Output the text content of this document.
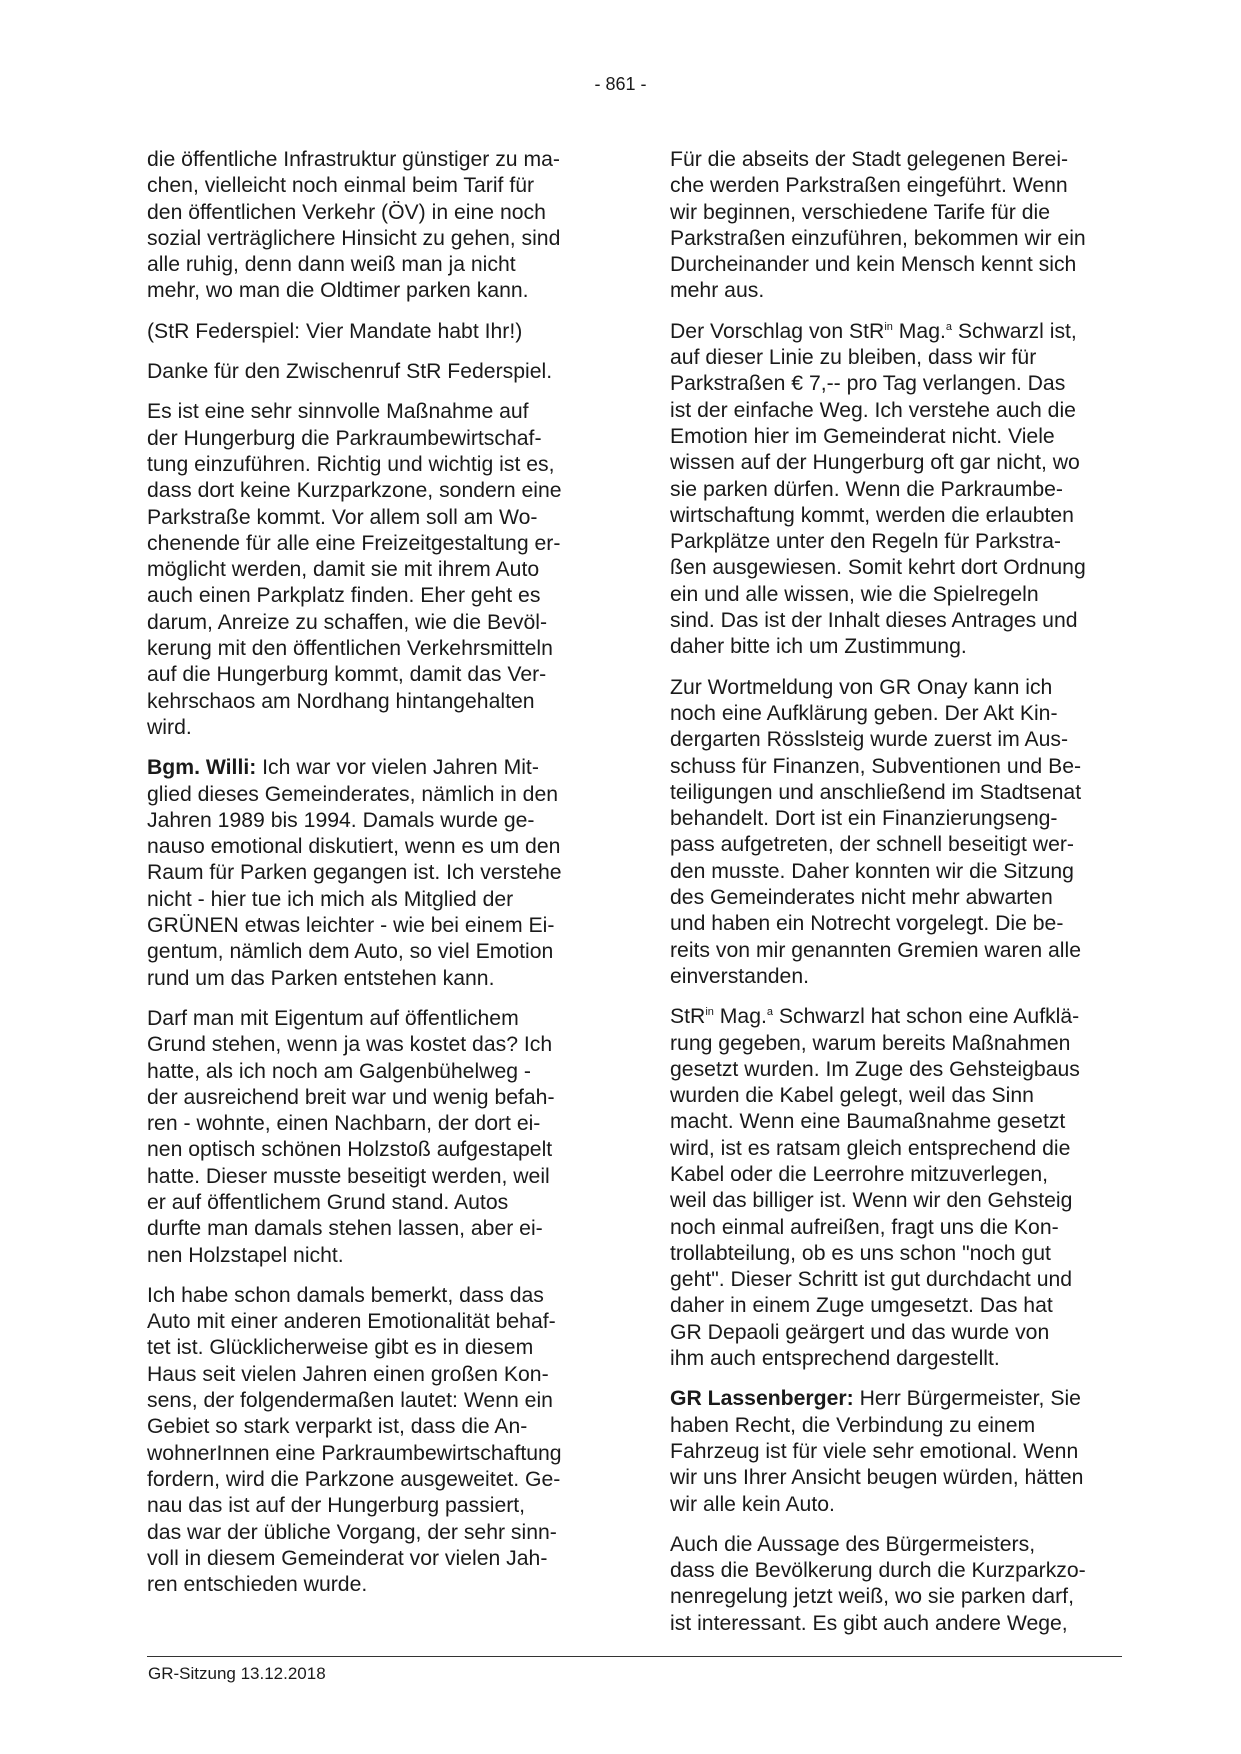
- 861 -

die öffentliche Infrastruktur günstiger zu ma-
chen, vielleicht noch einmal beim Tarif für
den öffentlichen Verkehr (ÖV) in eine noch
sozial verträglichere Hinsicht zu gehen, sind
alle ruhig, denn dann weiß man ja nicht
mehr, wo man die Oldtimer parken kann.

(StR Federspiel: Vier Mandate habt Ihr!)

Danke für den Zwischenruf StR Federspiel.

Es ist eine sehr sinnvolle Maßnahme auf
der Hungerburg die Parkraumbewirtschaf-
tung einzuführen. Richtig und wichtig ist es,
dass dort keine Kurzparkzone, sondern eine
Parkstraße kommt. Vor allem soll am Wo-
chenende für alle eine Freizeitgestaltung er-
möglicht werden, damit sie mit ihrem Auto
auch einen Parkplatz finden. Eher geht es
darum, Anreize zu schaffen, wie die Bevöl-
kerung mit den öffentlichen Verkehrsmitteln
auf die Hungerburg kommt, damit das Ver-
kehrschaos am Nordhang hintangehalten
wird.

Bgm. Willi: Ich war vor vielen Jahren Mit-
glied dieses Gemeinderates, nämlich in den
Jahren 1989 bis 1994. Damals wurde ge-
nauso emotional diskutiert, wenn es um den
Raum für Parken gegangen ist. Ich verstehe
nicht - hier tue ich mich als Mitglied der
GRÜNEN etwas leichter - wie bei einem Ei-
gentum, nämlich dem Auto, so viel Emotion
rund um das Parken entstehen kann.

Darf man mit Eigentum auf öffentlichem
Grund stehen, wenn ja was kostet das? Ich
hatte, als ich noch am Galgenbühelweg -
der ausreichend breit war und wenig befah-
ren - wohnte, einen Nachbarn, der dort ei-
nen optisch schönen Holzstoß aufgestapelt
hatte. Dieser musste beseitigt werden, weil
er auf öffentlichem Grund stand. Autos
durfte man damals stehen lassen, aber ei-
nen Holzstapel nicht.

Ich habe schon damals bemerkt, dass das
Auto mit einer anderen Emotionalität behaf-
tet ist. Glücklicherweise gibt es in diesem
Haus seit vielen Jahren einen großen Kon-
sens, der folgendermaßen lautet: Wenn ein
Gebiet so stark verparkt ist, dass die An-
wohnerInnen eine Parkraumbewirtschaftung
fordern, wird die Parkzone ausgeweitet. Ge-
nau das ist auf der Hungerburg passiert,
das war der übliche Vorgang, der sehr sinn-
voll in diesem Gemeinderat vor vielen Jah-
ren entschieden wurde.

Für die abseits der Stadt gelegenen Berei-
che werden Parkstraßen eingeführt. Wenn
wir beginnen, verschiedene Tarife für die
Parkstraßen einzuführen, bekommen wir ein
Durcheinander und kein Mensch kennt sich
mehr aus.

Der Vorschlag von StR$^{in}$ Mag.$^a$ Schwarzl ist,
auf dieser Linie zu bleiben, dass wir für
Parkstraßen € 7,-- pro Tag verlangen. Das
ist der einfache Weg. Ich verstehe auch die
Emotion hier im Gemeinderat nicht. Viele
wissen auf der Hungerburg oft gar nicht, wo
sie parken dürfen. Wenn die Parkraumbe-
wirtschaftung kommt, werden die erlaubten
Parkplätze unter den Regeln für Parkstra-
ßen ausgewiesen. Somit kehrt dort Ordnung
ein und alle wissen, wie die Spielregeln
sind. Das ist der Inhalt dieses Antrages und
daher bitte ich um Zustimmung.

Zur Wortmeldung von GR Onay kann ich
noch eine Aufklärung geben. Der Akt Kin-
dergarten Rösslsteig wurde zuerst im Aus-
schuss für Finanzen, Subventionen und Be-
teiligungen und anschließend im Stadtsenat
behandelt. Dort ist ein Finanzierungseng-
pass aufgetreten, der schnell beseitigt wer-
den musste. Daher konnten wir die Sitzung
des Gemeinderates nicht mehr abwarten
und haben ein Notrecht vorgelegt. Die be-
reits von mir genannten Gremien waren alle
einverstanden.

StR$^{in}$ Mag.$^a$ Schwarzl hat schon eine Aufklä-
rung gegeben, warum bereits Maßnahmen
gesetzt wurden. Im Zuge des Gehsteigbaus
wurden die Kabel gelegt, weil das Sinn
macht. Wenn eine Baumaßnahme gesetzt
wird, ist es ratsam gleich entsprechend die
Kabel oder die Leerrohre mitzuverlegen,
weil das billiger ist. Wenn wir den Gehsteig
noch einmal aufreißen, fragt uns die Kon-
trollabteilung, ob es uns schon "noch gut
geht". Dieser Schritt ist gut durchdacht und
daher in einem Zuge umgesetzt. Das hat
GR Depaoli geärgert und das wurde von
ihm auch entsprechend dargestellt.

GR Lassenberger: Herr Bürgermeister, Sie
haben Recht, die Verbindung zu einem
Fahrzeug ist für viele sehr emotional. Wenn
wir uns Ihrer Ansicht beugen würden, hätten
wir alle kein Auto.

Auch die Aussage des Bürgermeisters,
dass die Bevölkerung durch die Kurzparkzo-
nenregelung jetzt weiß, wo sie parken darf,
ist interessant. Es gibt auch andere Wege,

GR-Sitzung 13.12.2018
